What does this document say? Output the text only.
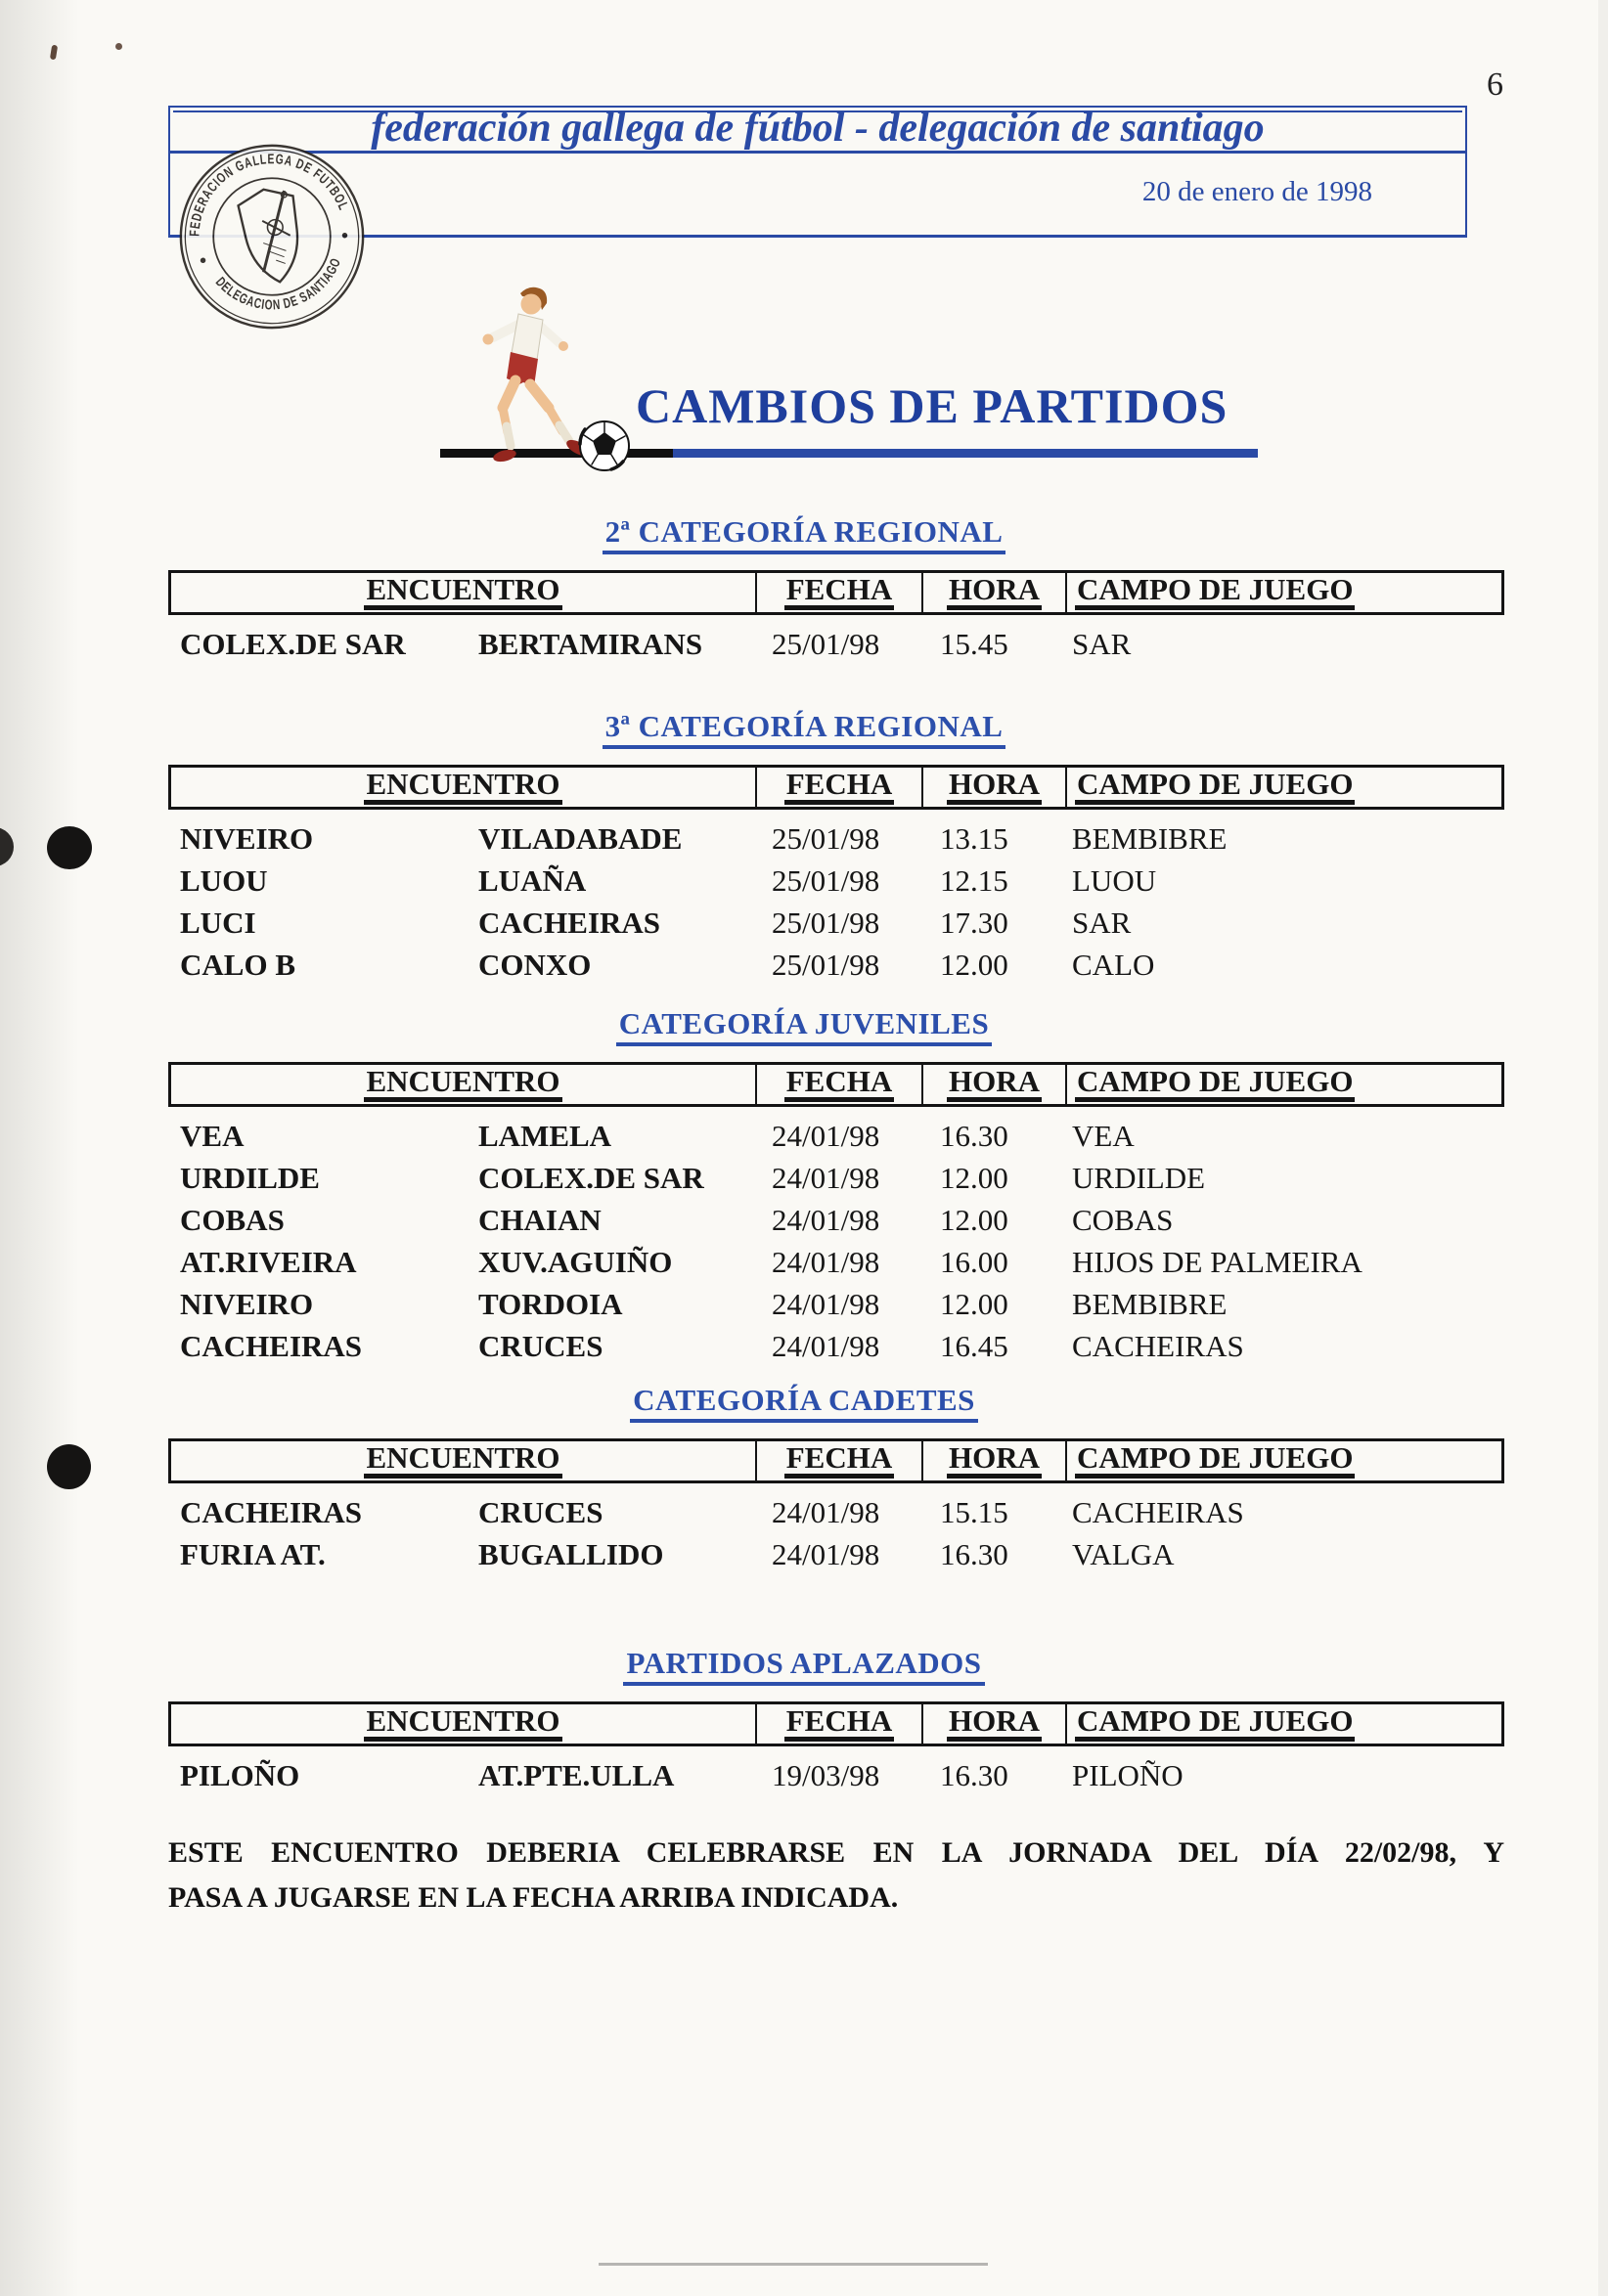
federación gallega de fútbol - delegación de santiago
20 de enero de 1998
6
FEDERACION GALLEGA DE FUTBOL
DELEGACION DE SANTIAGO
CAMBIOS DE PARTIDOS
2ª CATEGORÍA REGIONAL
ENCUENTRO	FECHA HORA CAMPO DE JUEGO
COLEX.DE SAR	BERTAMIRANS	25/01/98	15.45	SAR
3ª CATEGORÍA REGIONAL
ENCUENTRO	FECHA HORA CAMPO DE JUEGO
NIVEIRO	VILADABADE	25/01/98	13.15	BEMBIBRE
LUOU	LUAÑA	25/01/98	12.15	LUOU
LUCI	CACHEIRAS	25/01/98	17.30	SAR
CALO B	CONXO	25/01/98	12.00	CALO
CATEGORÍA JUVENILES
ENCUENTRO	FECHA HORA CAMPO DE JUEGO
VEA	LAMELA	24/01/98	16.30	VEA
URDILDE	COLEX.DE SAR	24/01/98	12.00	URDILDE
COBAS	CHAIAN	24/01/98	12.00	COBAS
AT.RIVEIRA	XUV.AGUIÑO	24/01/98	16.00	HIJOS DE PALMEIRA
NIVEIRO	TORDOIA	24/01/98	12.00	BEMBIBRE
CACHEIRAS	CRUCES	24/01/98	16.45	CACHEIRAS
CATEGORÍA CADETES
ENCUENTRO	FECHA HORA CAMPO DE JUEGO
CACHEIRAS	CRUCES	24/01/98	15.15	CACHEIRAS
FURIA AT.	BUGALLIDO	24/01/98	16.30	VALGA
PARTIDOS APLAZADOS
ENCUENTRO	FECHA HORA CAMPO DE JUEGO
PILOÑO	AT.PTE.ULLA	19/03/98	16.30	PILOÑO
ESTE ENCUENTRO DEBERIA CELEBRARSE EN LA JORNADA DEL DÍA 22/02/98, Y
PASA A JUGARSE EN LA FECHA ARRIBA INDICADA.
